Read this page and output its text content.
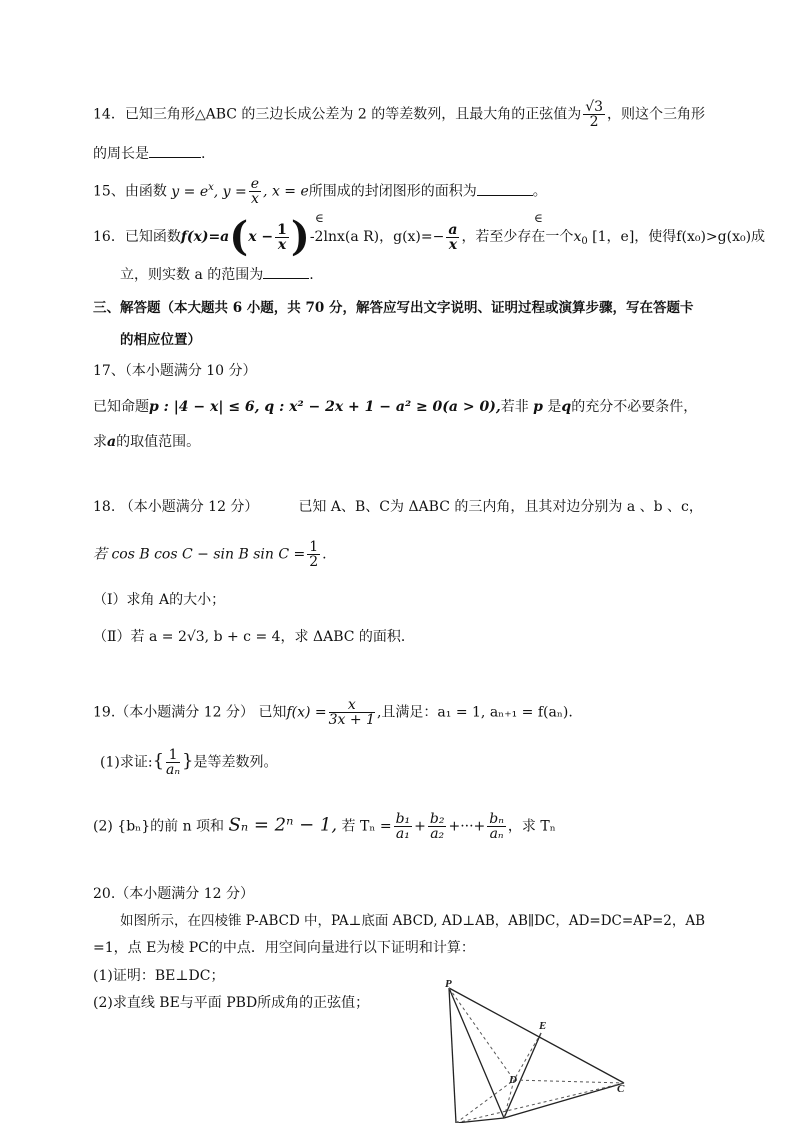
14．已知三角形△ABC 的三边长成公差为 2 的等差数列，且最大角的正弦值为 $\frac{√3}{2}$ ，则这个三角形
的周长是	.
15、由函数 $y = e^x$, $y = \frac{e}{x}$ , x = e所围成的封闭图形的面积为	。
∈	∈
16．已知函数$f(x)=a(x - \frac{1}{x} )-2\ln x(a$ R)，$g(x)=- \frac{a}{x}$ ，若至少存在一个$x_0$ [1，e]，使得f(x₀)>g(x₀)成
立，则实数 a 的范围为	.
三、解答题（本大题共 6 小题，共 70 分，解答应写出文字说明、证明过程或演算步骤，写在答题卡
的相应位置）
17、（本小题满分 10 分）
已知命题p : |4 − x| ≤ 6, q : x² − 2x + 1 − a² ≥ 0(a > 0),若非 p 是q的充分不必要条件，
求a的取值范围。
18. （本小题满分 12 分）	已知 A、B、C为 ΔABC 的三内角，且其对边分别为 a 、b 、c，
若 cos B cos C − sin B $\sin C = \frac{1}{2}$ .
（Ⅰ）求角 A的大小；
（Ⅱ）若 a = 2√3, b + c = 4，求 ΔABC 的面积．
19.（本小题满分 12 分） 已知$f(x) = \frac{x}{3x + 1}$ ,且满足：a₁ = 1, aₙ₊₁ = f(aₙ).
(1)求证:{ $\frac{1}{\text{aₙ}}$ }是等差数列。
(2) {bₙ}的前 n 项和 Sₙ = 2ⁿ − 1, 若 $T_n = \frac{\text{b₁}}{\text{a₁}} + \frac{\text{b₂}}{\text{a₂}}$ +···+ $\frac{\text{bₙ}}{\text{aₙ}}$ ，求 Tₙ
20.（本小题满分 12 分）
如图所示，在四棱锥 P-ABCD 中，PA⊥底面 ABCD, AD⊥AB，AB∥DC，AD=DC=AP=2，AB
=1，点 E为棱 PC的中点．用空间向量进行以下证明和计算：
(1)证明：BE⊥DC；
(2)求直线 BE与平面 PBD所成角的正弦值；
P
E
D
C
